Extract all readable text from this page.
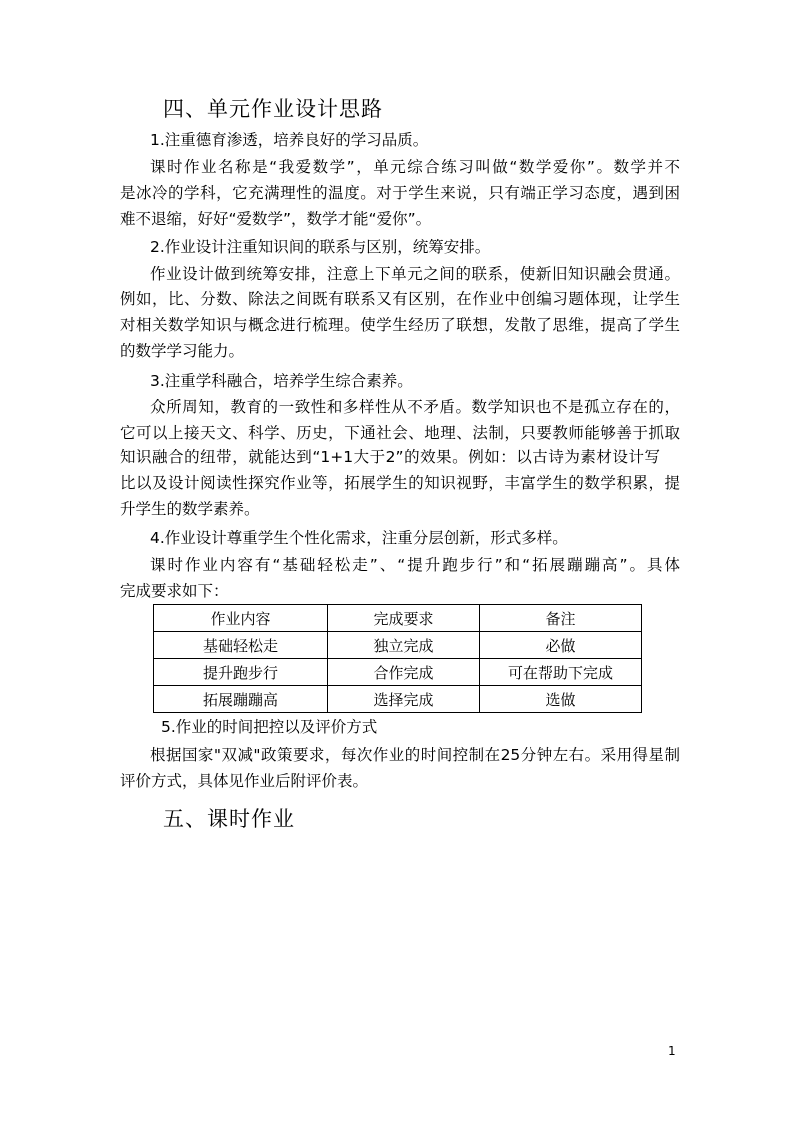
四、单元作业设计思路
1.注重德育渗透，培养良好的学习品质。
课时作业名称是“我爱数学”，单元综合练习叫做“数学爱你”。数学并不
是冰冷的学科，它充满理性的温度。对于学生来说，只有端正学习态度，遇到困
难不退缩，好好“爱数学”，数学才能“爱你”。
2.作业设计注重知识间的联系与区别，统筹安排。
作业设计做到统筹安排，注意上下单元之间的联系，使新旧知识融会贯通。
例如，比、分数、除法之间既有联系又有区别，在作业中创编习题体现，让学生
对相关数学知识与概念进行梳理。使学生经历了联想，发散了思维，提高了学生
的数学学习能力。
3.注重学科融合，培养学生综合素养。
众所周知，教育的一致性和多样性从不矛盾。数学知识也不是孤立存在的，
它可以上接天文、科学、历史，下通社会、地理、法制，只要教师能够善于抓取
知识融合的纽带，就能达到“1+1大于2”的效果。例如：以古诗为素材设计写
比以及设计阅读性探究作业等，拓展学生的知识视野，丰富学生的数学积累，提
升学生的数学素养。
4.作业设计尊重学生个性化需求，注重分层创新，形式多样。
课时作业内容有“基础轻松走”、“提升跑步行”和“拓展蹦蹦高”。具体
完成要求如下：
作业内容	完成要求	备注
基础轻松走	独立完成	必做
提升跑步行	合作完成	可在帮助下完成
拓展蹦蹦高	选择完成	选做
5.作业的时间把控以及评价方式
根据国家"双减"政策要求，每次作业的时间控制在25分钟左右。采用得星制
评价方式，具体见作业后附评价表。
五、课时作业
1
